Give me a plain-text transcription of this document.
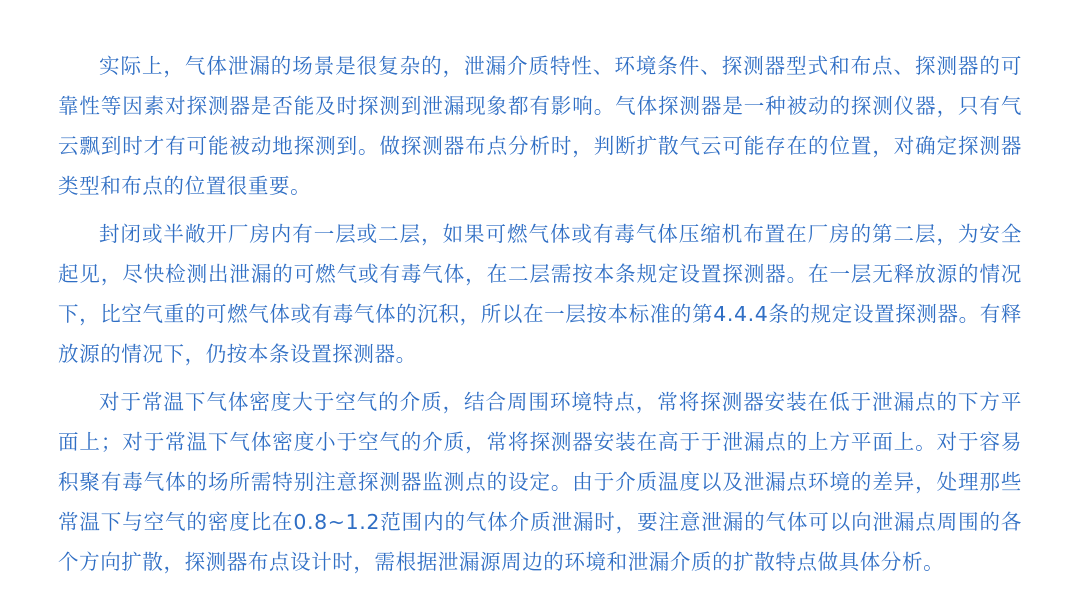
实际上，气体泄漏的场景是很复杂的，泄漏介质特性、环境条件、探测器型式和布点、探测器的可靠性等因素对探测器是否能及时探测到泄漏现象都有影响。气体探测器是一种被动的探测仪器，只有气云飘到时才有可能被动地探测到。做探测器布点分析时，判断扩散气云可能存在的位置，对确定探测器类型和布点的位置很重要。

封闭或半敞开厂房内有一层或二层，如果可燃气体或有毒气体压缩机布置在厂房的第二层，为安全起见，尽快检测出泄漏的可燃气或有毒气体，在二层需按本条规定设置探测器。在一层无释放源的情况下，比空气重的可燃气体或有毒气体的沉积，所以在一层按本标准的第4.4.4条的规定设置探测器。有释放源的情况下，仍按本条设置探测器。

对于常温下气体密度大于空气的介质，结合周围环境特点，常将探测器安装在低于泄漏点的下方平面上；对于常温下气体密度小于空气的介质，常将探测器安装在高于于泄漏点的上方平面上。对于容易积聚有毒气体的场所需特别注意探测器监测点的设定。由于介质温度以及泄漏点环境的差异，处理那些常温下与空气的密度比在0.8~1.2范围内的气体介质泄漏时，要注意泄漏的气体可以向泄漏点周围的各个方向扩散，探测器布点设计时，需根据泄漏源周边的环境和泄漏介质的扩散特点做具体分析。
